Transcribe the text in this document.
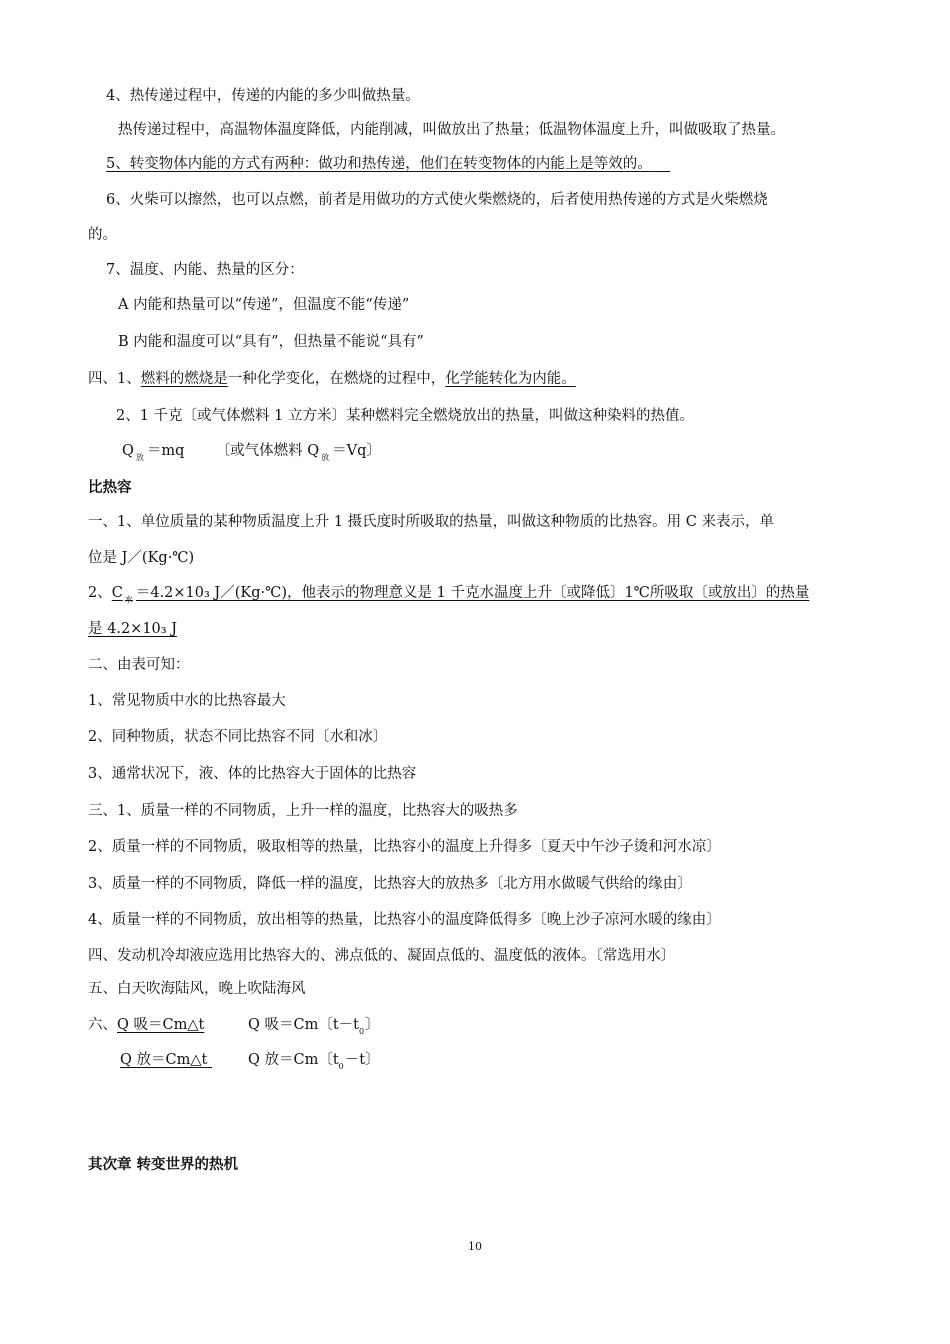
4、热传递过程中，传递的内能的多少叫做热量。
热传递过程中，高温物体温度降低，内能削减，叫做放出了热量；低温物体温度上升，叫做吸取了热量。
5、转变物体内能的方式有两种：做功和热传递，他们在转变物体的内能上是等效的。
6、火柴可以擦然，也可以点燃，前者是用做功的方式使火柴燃烧的，后者使用热传递的方式是火柴燃烧
的。
7、温度、内能、热量的区分：
A 内能和热量可以“传递”，但温度不能“传递”
B 内能和温度可以“具有”，但热量不能说“具有”
四、1、燃料的燃烧是一种化学变化，在燃烧的过程中，化学能转化为内能。
2、1 千克〔或气体燃料 1 立方米〕某种燃料完全燃烧放出的热量，叫做这种染料的热值。
Q $_放$ ＝mq 〔或气体燃料 Q $_放$ ＝Vq〕
比热容
一、1、单位质量的某种物质温度上升 1 摄氏度时所吸取的热量，叫做这种物质的比热容。用 C 来表示，单
位是 J／(Kg·℃)
2、C $_水$ ＝4.2×10₃ J／(Kg·℃)，他表示的物理意义是 1 千克水温度上升〔或降低〕1℃所吸取〔或放出〕的热量
是 4.2×10₃ J
二、由表可知：
1、常见物质中水的比热容最大
2、同种物质，状态不同比热容不同〔水和冰〕
3、通常状况下，液、体的比热容大于固体的比热容
三、1、质量一样的不同物质，上升一样的温度，比热容大的吸热多
2、质量一样的不同物质，吸取相等的热量，比热容小的温度上升得多〔夏天中午沙子烫和河水凉〕
3、质量一样的不同物质，降低一样的温度，比热容大的放热多〔北方用水做暖气供给的缘由〕
4、质量一样的不同物质，放出相等的热量，比热容小的温度降低得多〔晚上沙子凉河水暖的缘由〕
四、发动机冷却液应选用比热容大的、沸点低的、凝固点低的、温度低的液体。〔常选用水〕
五、白天吹海陆风，晚上吹陆海风
六、Q 吸＝Cm△t	Q 吸＝Cm〔$t-t_0$〕
Q 放＝Cm△t	Q 放＝Cm〔$t_0-t$〕
其次章 转变世界的热机
10
